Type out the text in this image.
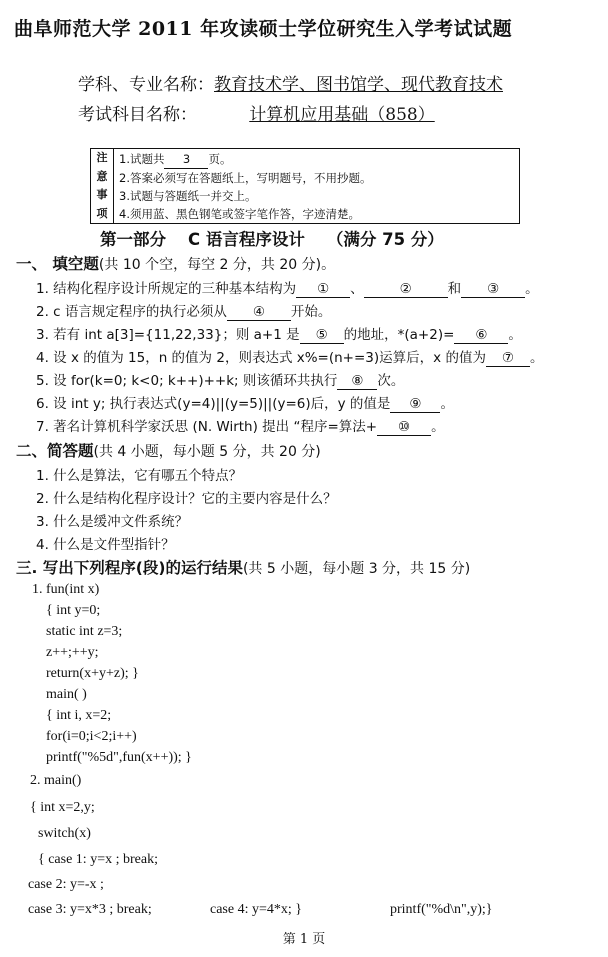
曲阜师范大学 2011 年攻读硕士学位研究生入学考试试题
学科、专业名称：教育技术学、图书馆学、现代教育技术
考试科目名称：	计算机应用基础（858）
注
意
事
项
1.试题共 3 页。
2.答案必须写在答题纸上，写明题号，不用抄题。
3.试题与答题纸一并交上。
4.须用蓝、黑色钢笔或签字笔作答，字迹清楚。
第一部分 C 语言程序设计 （满分 75 分）
一、 填空题(共 10 个空，每空 2 分，共 20 分)。
1. 结构化程序设计所规定的三种基本结构为 ① 、	②	和 ③ 。
2. c 语言规定程序的执行必须从 ④ 开始。
3. 若有 int a[3]={11,22,33}；则 a+1 是 ⑤ 的地址，*(a+2)= ⑥ 。
4. 设 x 的值为 15，n 的值为 2，则表达式 x%=(n+=3)运算后，x 的值为 ⑦ 。
5. 设 for(k=0; k<0; k++)++k; 则该循环共执行 ⑧ 次。
6. 设 int y; 执行表达式(y=4)||(y=5)||(y=6)后，y 的值是 ⑨ 。
7. 著名计算机科学家沃思 (N. Wirth) 提出 “程序=算法+ ⑩ 。
二、简答题(共 4 小题，每小题 5 分，共 20 分)
1. 什么是算法，它有哪五个特点？
2. 什么是结构化程序设计？它的主要内容是什么？
3. 什么是缓冲文件系统？
4. 什么是文件型指针？
三. 写出下列程序(段)的运行结果(共 5 小题，每小题 3 分，共 15 分)
1. fun(int x)
{ int y=0;
static int z=3;
z++;++y;
return(x+y+z); }
main( )
{ int i, x=2;
for(i=0;i<2;i++)
printf("%5d",fun(x++)); }
2. main()
{ int x=2,y;
switch(x)
{ case 1: y=x ; break;
case 2: y=-x ;
case 3: y=x*3 ; break;	case 4: y=4*x; }	printf("%d\n",y);}
第 1 页
